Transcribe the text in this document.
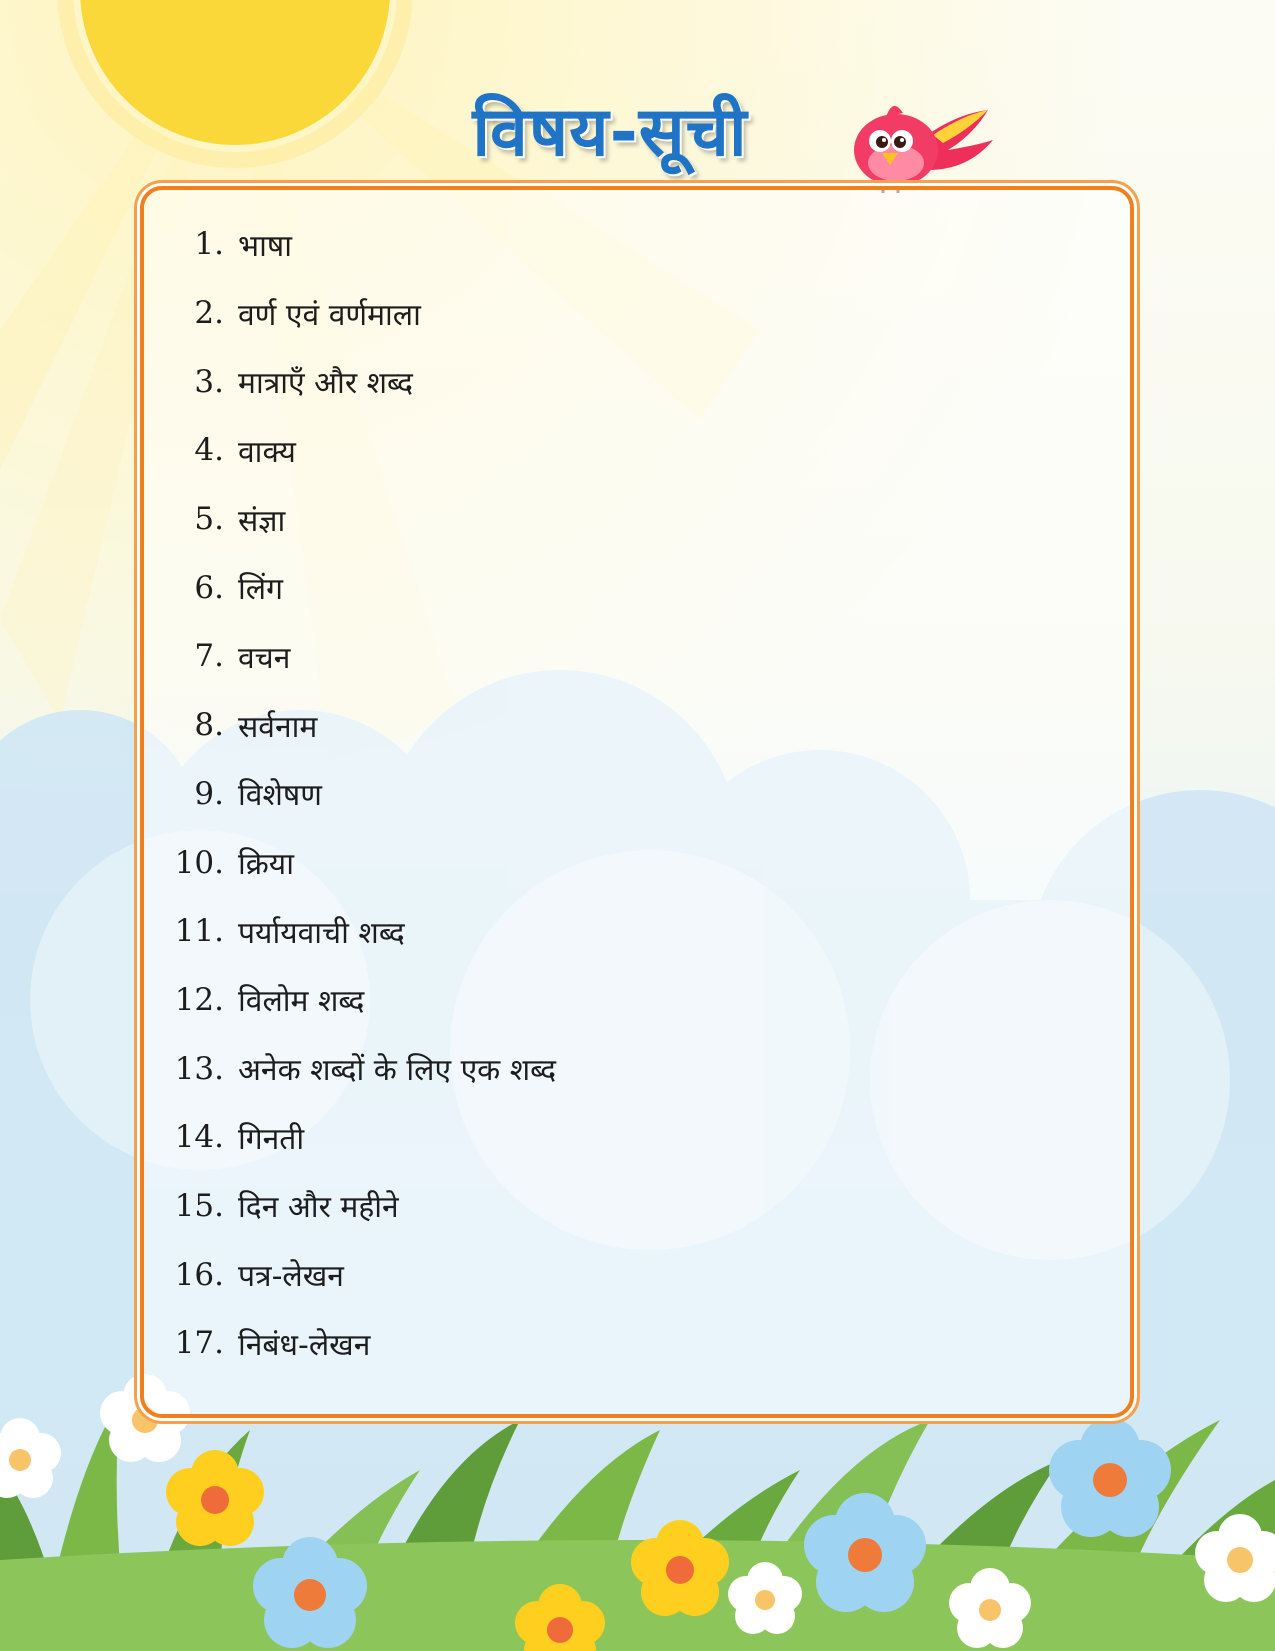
विषय-सूची
1. भाषा
2. वर्ण एवं वर्णमाला
3. मात्राएँ और शब्द
4. वाक्य
5. संज्ञा
6. लिंग
7. वचन
8. सर्वनाम
9. विशेषण
10. क्रिया
11. पर्यायवाची शब्द
12. विलोम शब्द
13. अनेक शब्दों के लिए एक शब्द
14. गिनती
15. दिन और महीने
16. पत्र-लेखन
17. निबंध-लेखन
